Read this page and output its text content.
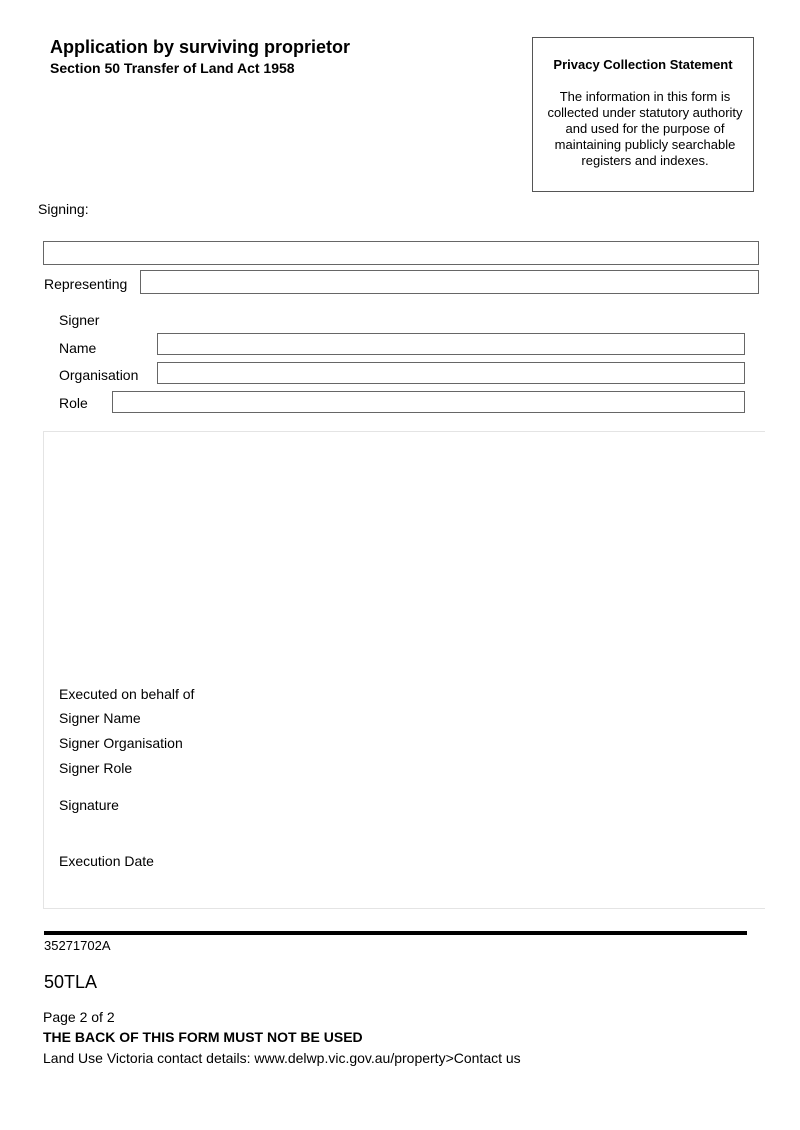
Application by surviving proprietor
Section 50 Transfer of Land Act 1958	Privacy Collection Statement
The information in this form is collected under statutory authority and used for the purpose of maintaining publicly searchable registers and indexes.
Signing:
Representing
Signer
Name
Organisation
Role
Executed on behalf of
Signer Name
Signer Organisation
Signer Role
Signature
Execution Date
35271702A
50TLA
Page 2 of 2
THE BACK OF THIS FORM MUST NOT BE USED
Land Use Victoria contact details: www.delwp.vic.gov.au/property>Contact us
